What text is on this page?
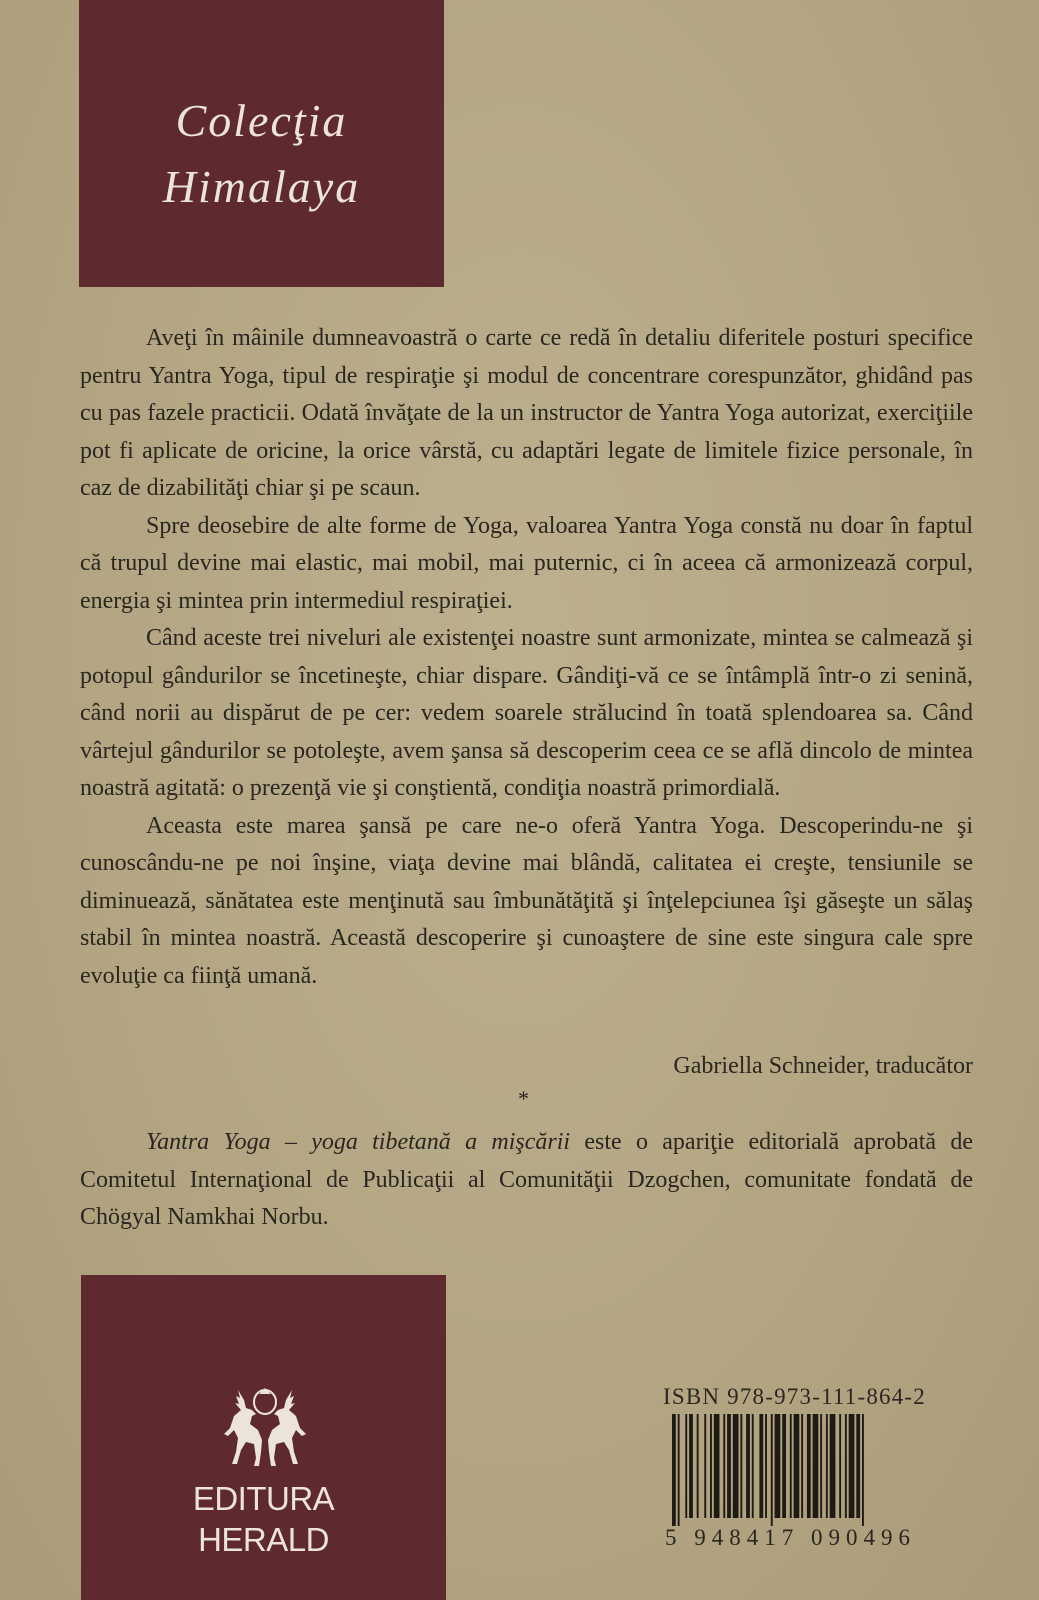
Colecţia
Himalaya

Aveţi în mâinile dumneavoastră o carte ce redă în detaliu diferitele posturi specifice pentru Yantra Yoga, tipul de respiraţie şi modul de concentrare corespunzător, ghidând pas cu pas fazele practicii. Odată învăţate de la un instructor de Yantra Yoga autorizat, exerciţiile pot fi aplicate de oricine, la orice vârstă, cu adaptări legate de limitele fizice personale, în caz de dizabilităţi chiar şi pe scaun.

Spre deosebire de alte forme de Yoga, valoarea Yantra Yoga constă nu doar în faptul că trupul devine mai elastic, mai mobil, mai puternic, ci în aceea că armonizează corpul, energia şi mintea prin intermediul respiraţiei.

Când aceste trei niveluri ale existenţei noastre sunt armonizate, mintea se calmează şi potopul gândurilor se încetineşte, chiar dispare. Gândiţi-vă ce se întâmplă într-o zi senină, când norii au dispărut de pe cer: vedem soarele strălucind în toată splendoarea sa. Când vârtejul gândurilor se potoleşte, avem şansa să descoperim ceea ce se află dincolo de mintea noastră agitată: o prezenţă vie şi conştientă, condiţia noastră primordială.

Aceasta este marea şansă pe care ne-o oferă Yantra Yoga. Descoperindu-ne şi cunoscându-ne pe noi înşine, viaţa devine mai blândă, calitatea ei creşte, tensiunile se diminuează, sănătatea este menţinută sau îmbunătăţită şi înţelepciunea îşi găseşte un sălaş stabil în mintea noastră. Această descoperire şi cunoaştere de sine este singura cale spre evoluţie ca fiinţă umană.

Gabriella Schneider, traducător
*

Yantra Yoga – yoga tibetană a mişcării este o apariţie editorială aprobată de Comitetul Internaţional de Publicaţii al Comunităţii Dzogchen, comunitate fondată de Chögyal Namkhai Norbu.

EDITURA
HERALD
ISBN 978-973-111-864-2
5 948417 090496
